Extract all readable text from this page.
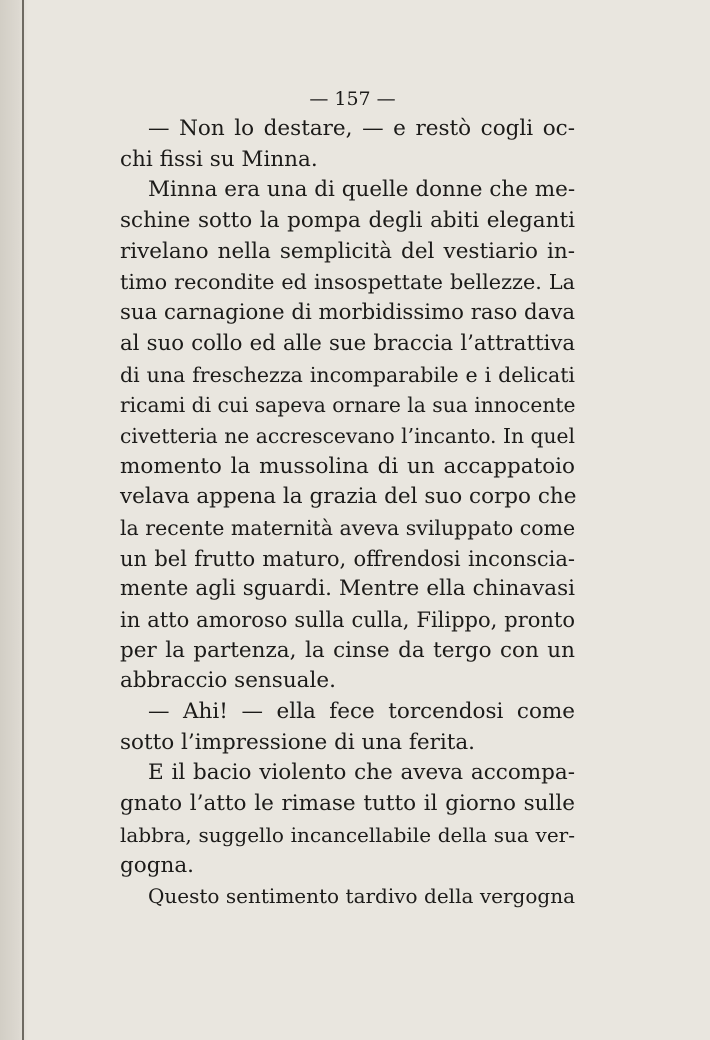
— 157 —
— Non lo destare, — e restò cogli oc-
chi fissi su Minna.
Minna era una di quelle donne che me-
schine sotto la pompa degli abiti eleganti
rivelano nella semplicità del vestiario in-
timo recondite ed insospettate bellezze. La
sua carnagione di morbidissimo raso dava
al suo collo ed alle sue braccia l’attrattiva
di una freschezza incomparabile e i delicati
ricami di cui sapeva ornare la sua innocente
civetteria ne accrescevano l’incanto. In quel
momento la mussolina di un accappatoio
velava appena la grazia del suo corpo che
la recente maternità aveva sviluppato come
un bel frutto maturo, offrendosi inconscia-
mente agli sguardi. Mentre ella chinavasi
in atto amoroso sulla culla, Filippo, pronto
per la partenza, la cinse da tergo con un
abbraccio sensuale.
— Ahi! — ella fece torcendosi come
sotto l’impressione di una ferita.
E il bacio violento che aveva accompa-
gnato l’atto le rimase tutto il giorno sulle
labbra, suggello incancellabile della sua ver-
gogna.
Questo sentimento tardivo della vergogna
